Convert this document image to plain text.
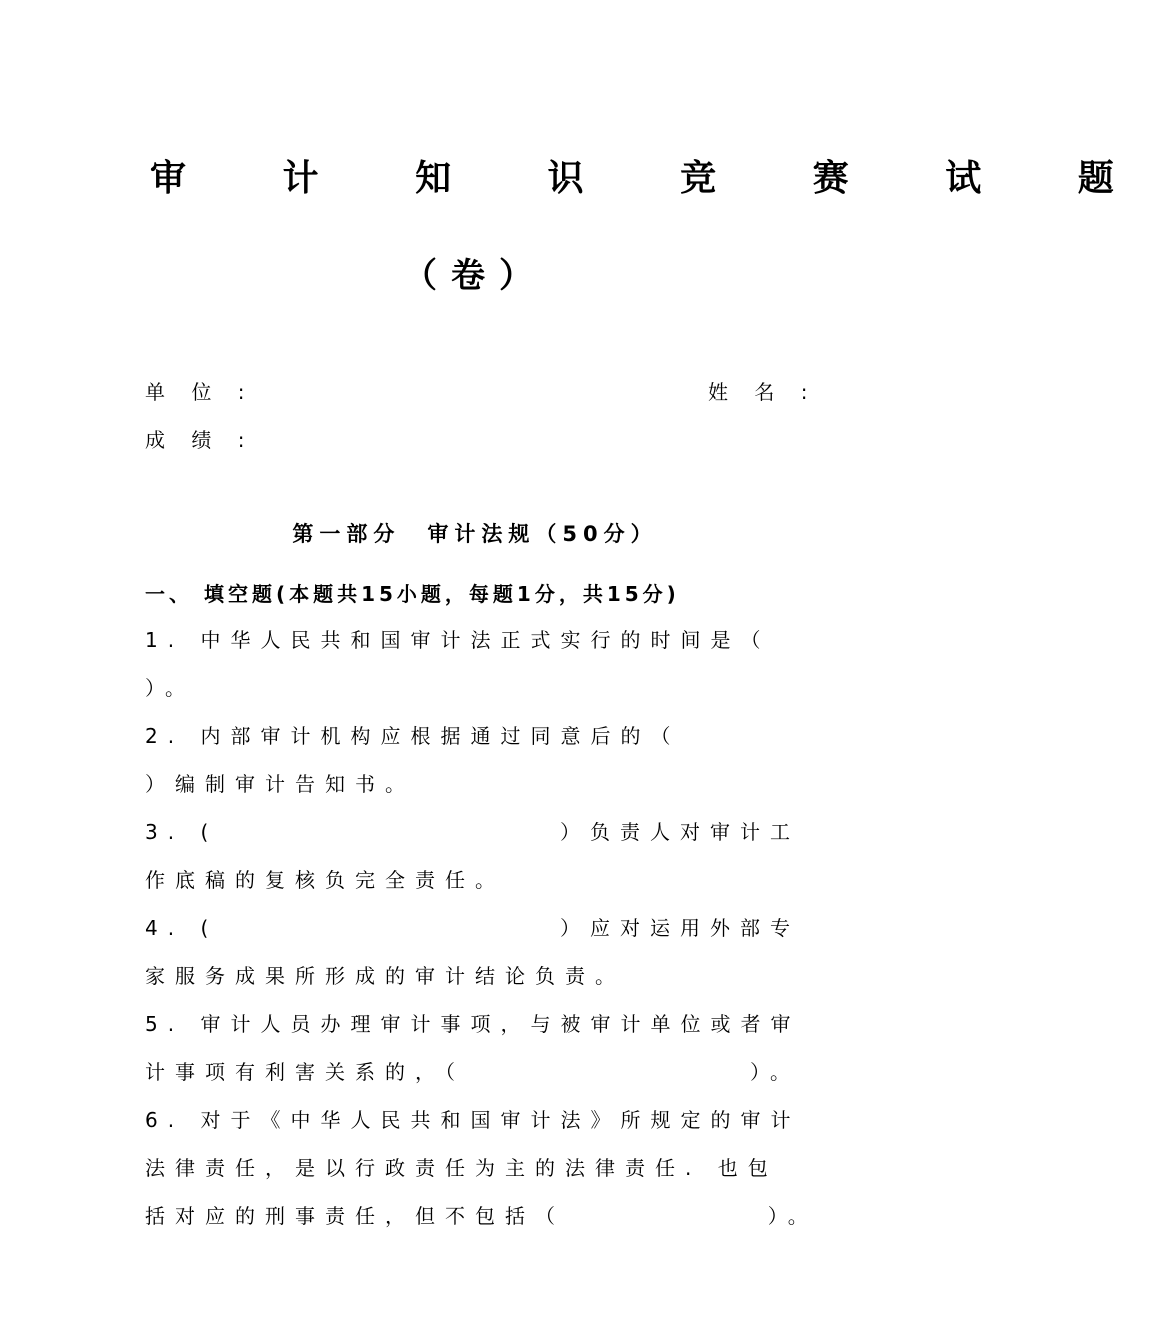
审 计 知 识 竞 赛 试 题
（卷）
单 位 :	姓 名 :
成 绩 :
第一部分　审计法规（50分）
一、 填空题(本题共15小题，每题1分，共15分)
1. 中华人民共和国审计法正式实行的时间是（
）。
2. 内部审计机构应根据通过同意后的（
）编制审计告知书。
3. (	）负责人对审计工
作底稿的复核负完全责任。
4. (	）应对运用外部专
家服务成果所形成的审计结论负责。
5. 审计人员办理审计事项，与被审计单位或者审
计事项有利害关系的，（	）。
6. 对于《中华人民共和国审计法》所规定的审计
法律责任，是以行政责任为主的法律责任. 也包
括对应的刑事责任，但不包括（	）。
